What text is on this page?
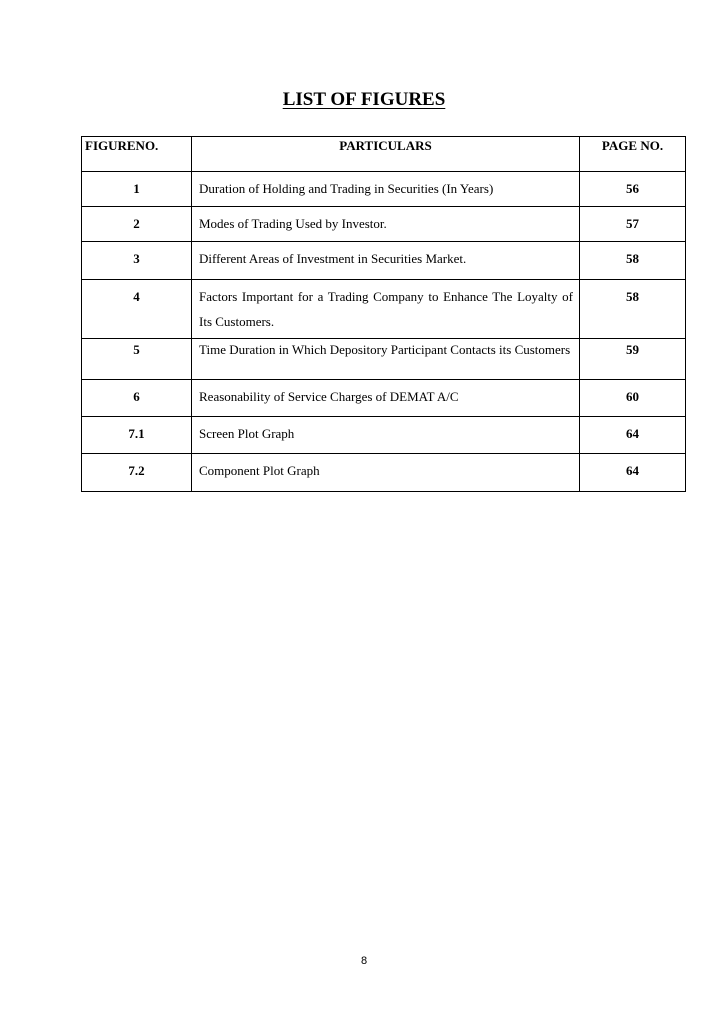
LIST OF FIGURES
FIGURENO.	PARTICULARS	PAGE NO.
1	Duration of Holding and Trading in Securities (In Years)	56
2	Modes of Trading Used by Investor.	57
3	Different Areas of Investment in Securities Market.	58
4	Factors Important for a Trading Company to Enhance The Loyalty of Its Customers.	58
5	Time Duration in Which Depository Participant Contacts its Customers	59
6	Reasonability of Service Charges of DEMAT A/C	60
7.1	Screen Plot Graph	64
7.2	Component Plot Graph	64

8
